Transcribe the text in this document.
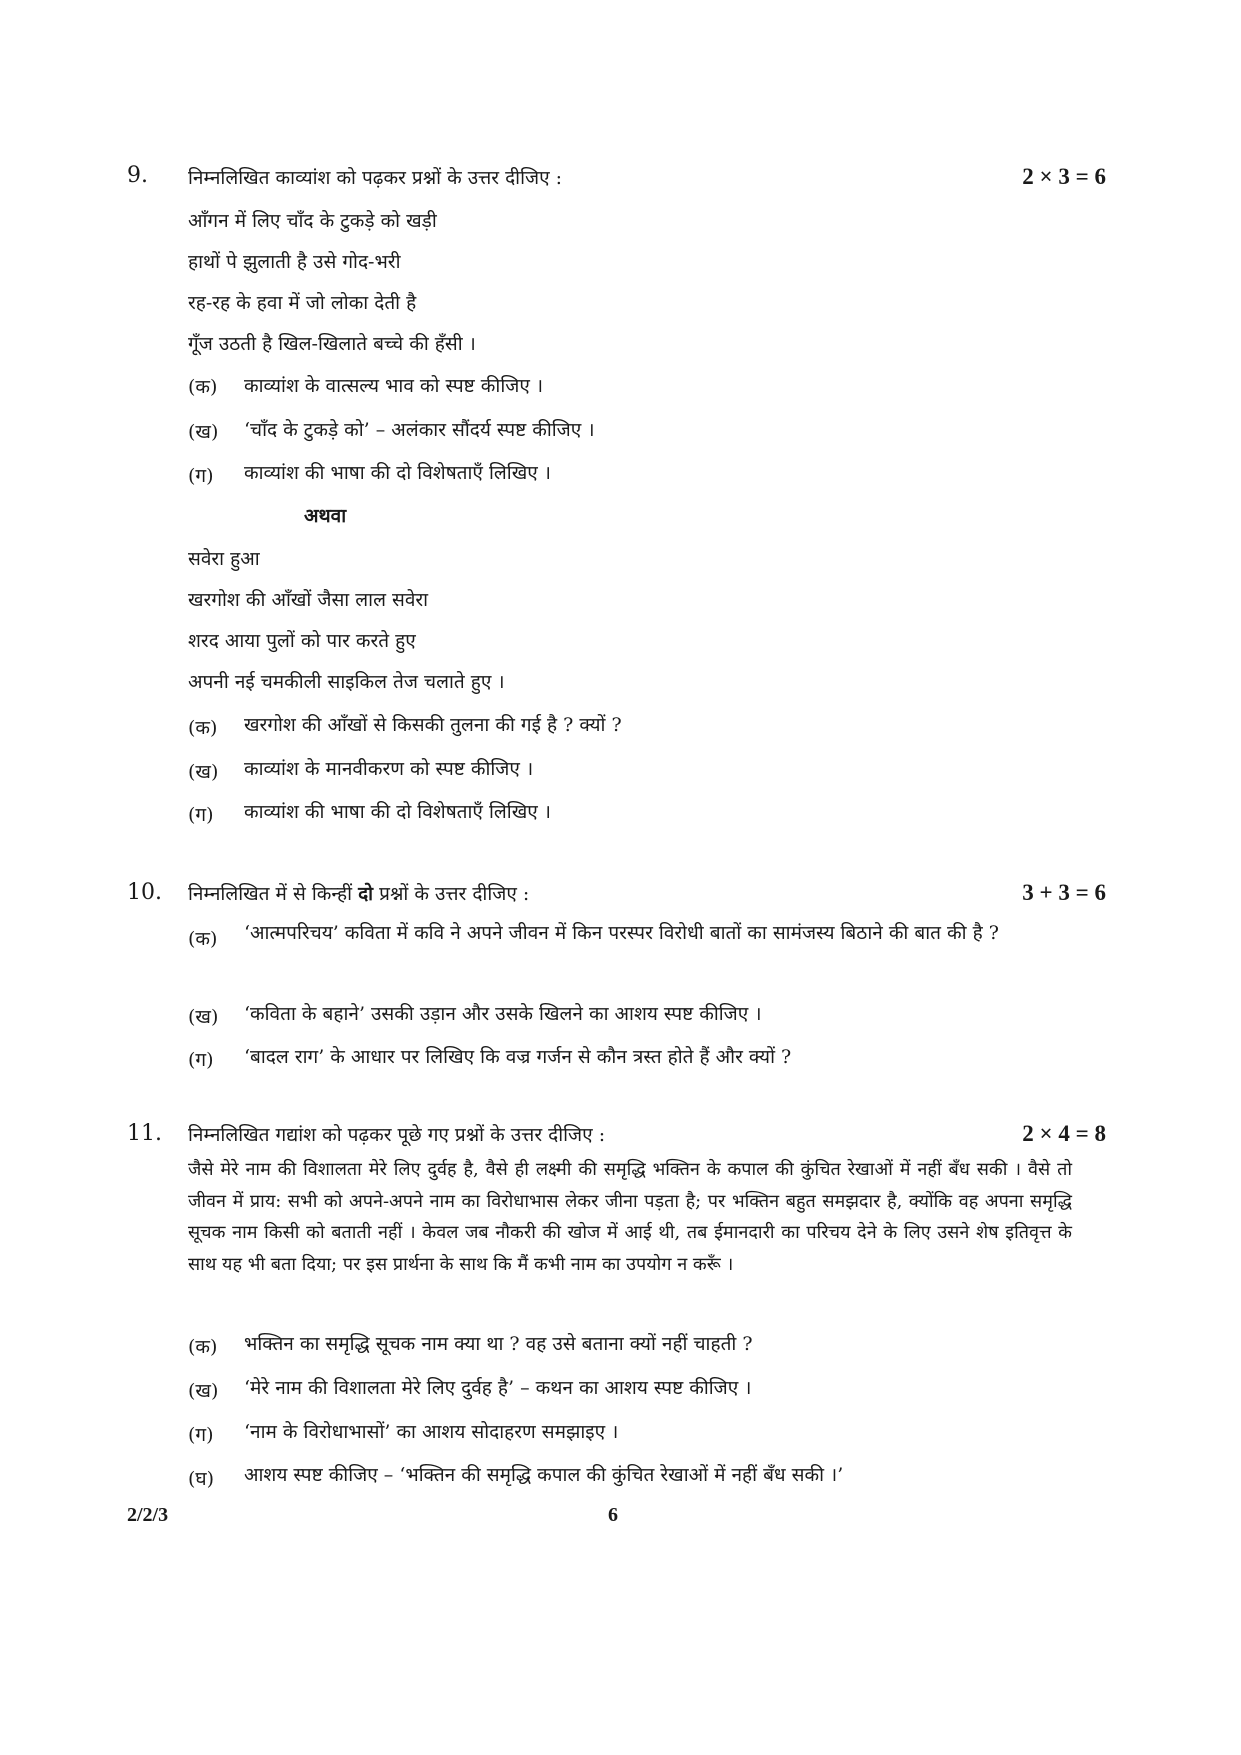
9. निम्नलिखित काव्यांश को पढ़कर प्रश्नों के उत्तर दीजिए :	2 × 3 = 6
आँगन में लिए चाँद के टुकड़े को खड़ी
हाथों पे झुलाती है उसे गोद-भरी
रह-रह के हवा में जो लोका देती है
गूँज उठती है खिल-खिलाते बच्चे की हँसी ।
(क) काव्यांश के वात्सल्य भाव को स्पष्ट कीजिए ।
(ख) ‘चाँद के टुकड़े को’ – अलंकार सौंदर्य स्पष्ट कीजिए ।
(ग) काव्यांश की भाषा की दो विशेषताएँ लिखिए ।
अथवा
सवेरा हुआ
खरगोश की आँखों जैसा लाल सवेरा
शरद आया पुलों को पार करते हुए
अपनी नई चमकीली साइकिल तेज चलाते हुए ।
(क) खरगोश की आँखों से किसकी तुलना की गई है ? क्यों ?
(ख) काव्यांश के मानवीकरण को स्पष्ट कीजिए ।
(ग) काव्यांश की भाषा की दो विशेषताएँ लिखिए ।
10. निम्नलिखित में से किन्हीं दो प्रश्नों के उत्तर दीजिए :	3 + 3 = 6
(क) ‘आत्मपरिचय’ कविता में कवि ने अपने जीवन में किन परस्पर विरोधी बातों का सामंजस्य बिठाने की बात की है ?
(ख) ‘कविता के बहाने’ उसकी उड़ान और उसके खिलने का आशय स्पष्ट कीजिए ।
(ग) ‘बादल राग’ के आधार पर लिखिए कि वज्र गर्जन से कौन त्रस्त होते हैं और क्यों ?
11. निम्नलिखित गद्यांश को पढ़कर पूछे गए प्रश्नों के उत्तर दीजिए :	2 × 4 = 8
जैसे मेरे नाम की विशालता मेरे लिए दुर्वह है, वैसे ही लक्ष्मी की समृद्धि भक्तिन के कपाल की कुंचित रेखाओं में नहीं बँध सकी । वैसे तो जीवन में प्राय: सभी को अपने-अपने नाम का विरोधाभास लेकर जीना पड़ता है; पर भक्तिन बहुत समझदार है, क्योंकि वह अपना समृद्धि सूचक नाम किसी को बताती नहीं । केवल जब नौकरी की खोज में आई थी, तब ईमानदारी का परिचय देने के लिए उसने शेष इतिवृत्त के साथ यह भी बता दिया; पर इस प्रार्थना के साथ कि मैं कभी नाम का उपयोग न करूँ ।
(क) भक्तिन का समृद्धि सूचक नाम क्या था ? वह उसे बताना क्यों नहीं चाहती ?
(ख) ‘मेरे नाम की विशालता मेरे लिए दुर्वह है’ – कथन का आशय स्पष्ट कीजिए ।
(ग) ‘नाम के विरोधाभासों’ का आशय सोदाहरण समझाइए ।
(घ) आशय स्पष्ट कीजिए – ‘भक्तिन की समृद्धि कपाल की कुंचित रेखाओं में नहीं बँध सकी ।’
2/2/3	6
